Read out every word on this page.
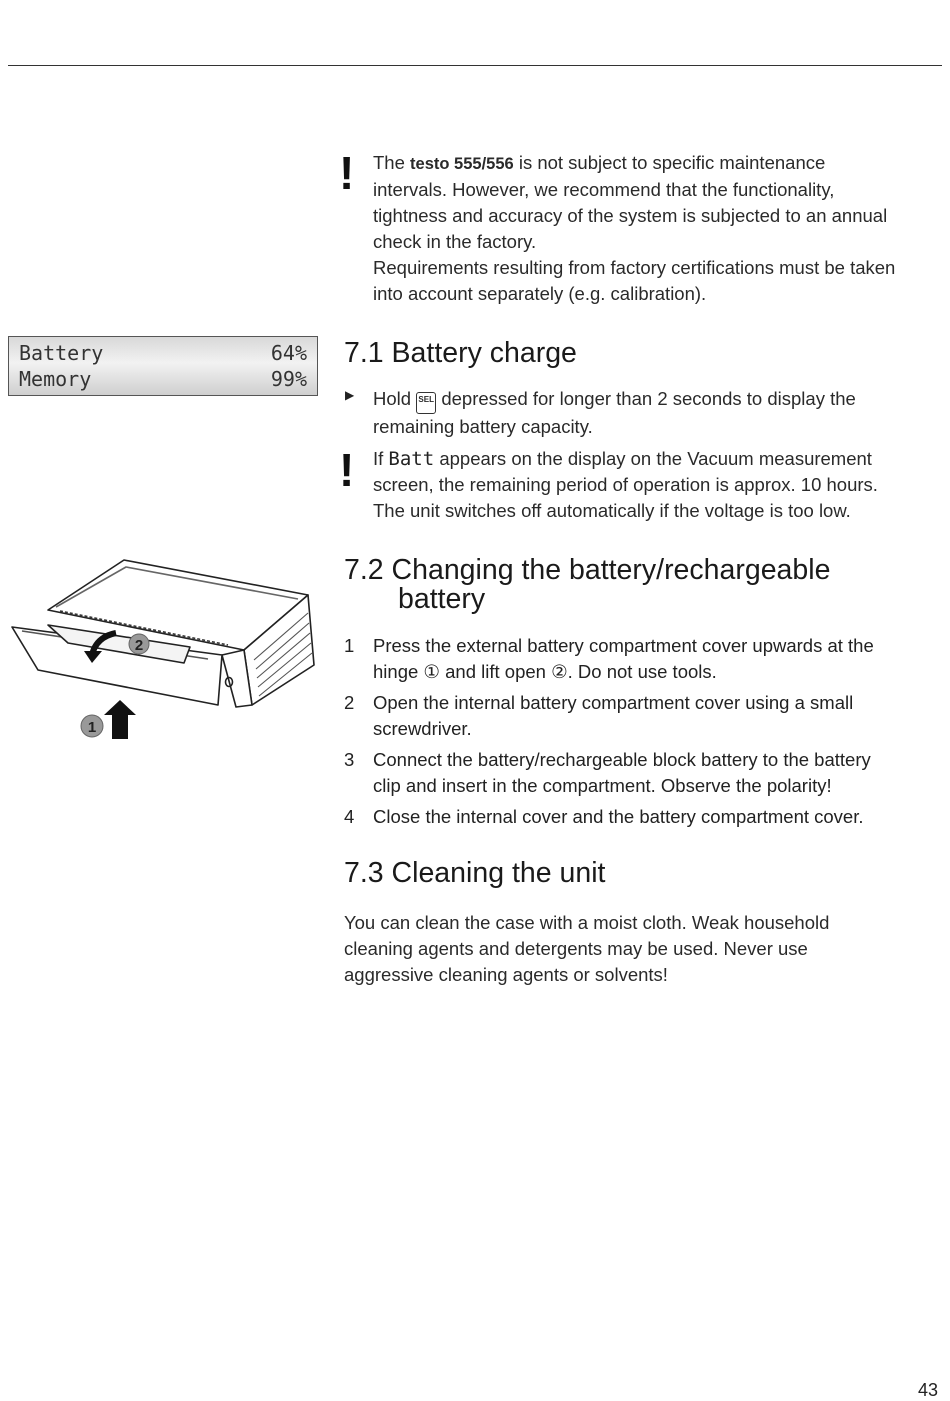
! The testo 555/556 is not subject to specific maintenance
intervals. However, we recommend that the functionality,
tightness and accuracy of the system is subjected to an annual
check in the factory.
Requirements resulting from factory certifications must be taken
into account separately (e.g. calibration).
Battery	64%
Memory	99%
7.1 Battery charge
▶ Hold SEL depressed for longer than 2 seconds to display the
remaining battery capacity.
! If Batt appears on the display on the Vacuum measurement
screen, the remaining period of operation is approx. 10 hours.
The unit switches off automatically if the voltage is too low.
2
1
7.2 Changing the battery/rechargeable
battery
1 Press the external battery compartment cover upwards at the
hinge ① and lift open ②. Do not use tools.
2 Open the internal battery compartment cover using a small
screwdriver.
3 Connect the battery/rechargeable block battery to the battery
clip and insert in the compartment. Observe the polarity!
4 Close the internal cover and the battery compartment cover.
7.3 Cleaning the unit
You can clean the case with a moist cloth. Weak household
cleaning agents and detergents may be used. Never use
aggressive cleaning agents or solvents!
43
